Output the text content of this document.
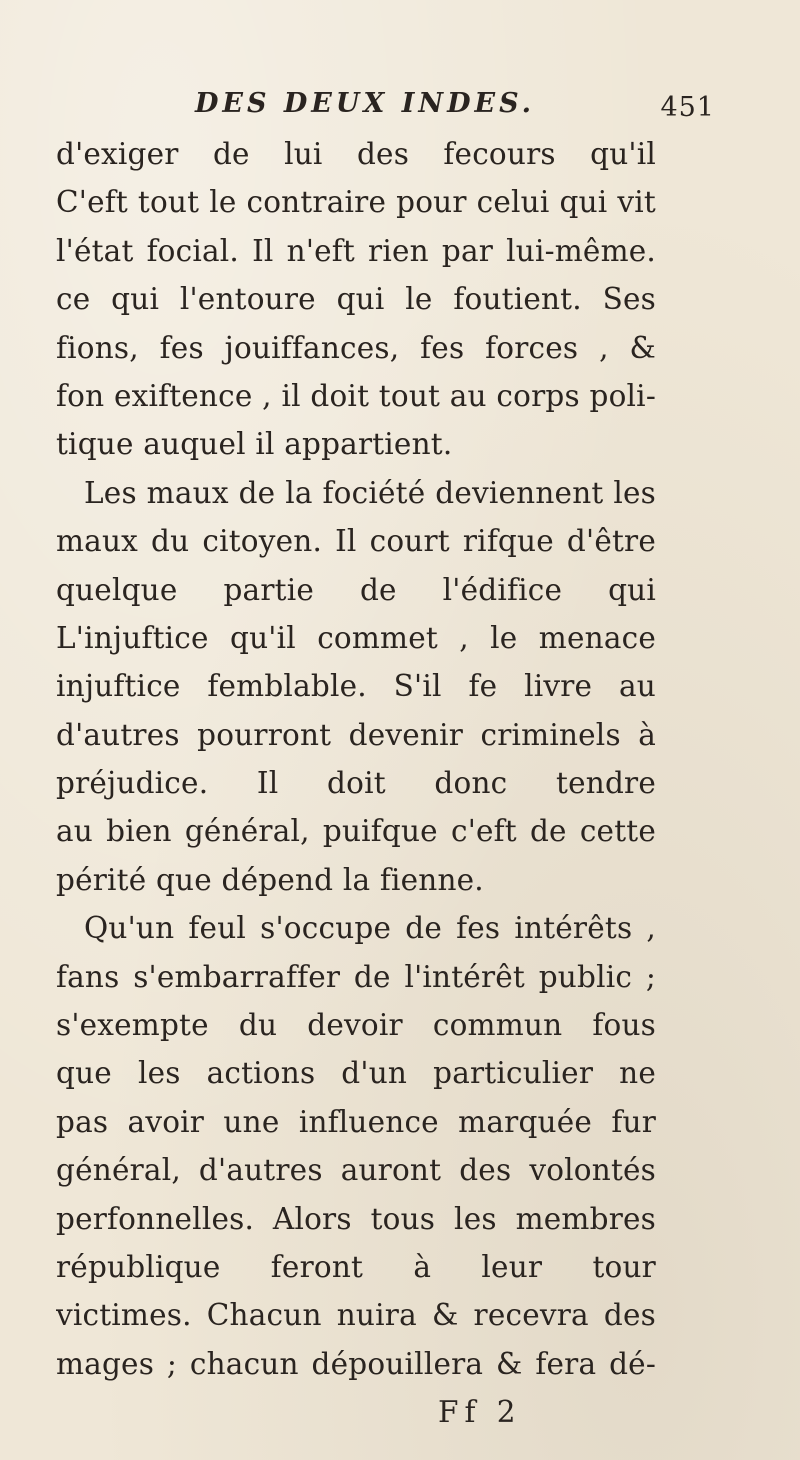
DES DEUX INDES.	451
d'exiger de lui des fecours qu'il
C'eft tout le contraire pour celui qui vit
l'état focial. Il n'eft rien par lui-même.
ce qui l'entoure qui le foutient. Ses
fions, fes jouiffances, fes forces , &
fon exiftence , il doit tout au corps poli-
tique auquel il appartient.
Les maux de la fociété deviennent les
maux du citoyen. Il court rifque d'être
quelque partie de l'édifice qui
L'injuftice qu'il commet , le menace
injuftice femblable. S'il fe livre au
d'autres pourront devenir criminels à
préjudice. Il doit donc tendre
au bien général, puifque c'eft de cette
périté que dépend la fienne.
Qu'un feul s'occupe de fes intérêts ,
fans s'embarraffer de l'intérêt public ;
s'exempte du devoir commun fous
que les actions d'un particulier ne
pas avoir une influence marquée fur
général, d'autres auront des volontés
perfonnelles. Alors tous les membres
république feront à leur tour
victimes. Chacun nuira & recevra des
mages ; chacun dépouillera & fera dé-
Ff 2
